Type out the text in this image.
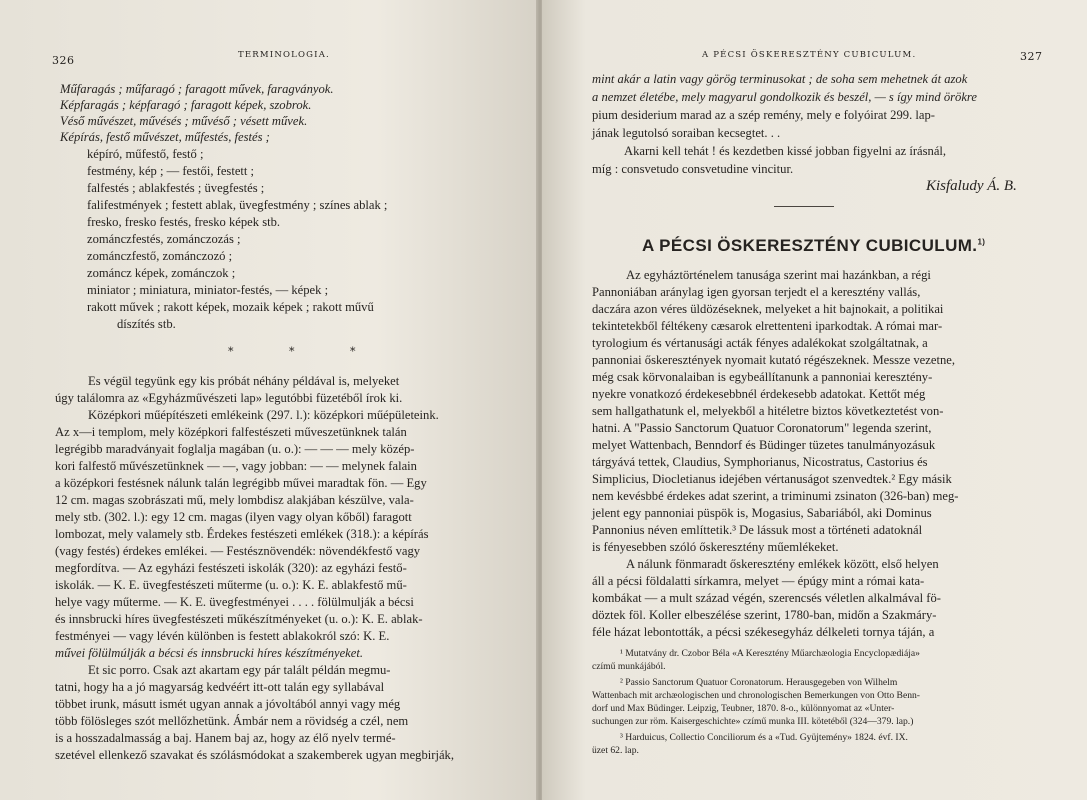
326	TERMINOLOGIA.
Műfaragás ; műfaragó ; faragott művek, faragványok.
Képfaragás ; képfaragó ; faragott képek, szobrok.
Véső művészet, művésés ; művéső ; vésett művek.
Képírás, festő művészet, műfestés, festés ;
képíró, műfestő, festő ;
festmény, kép ; — festői, festett ;
falfestés ; ablakfestés ; üvegfestés ;
falifestmények ; festett ablak, üvegfestmény ; színes ablak ;
fresko, fresko festés, fresko képek stb.
zománczfestés, zománczozás ;
zománczfestő, zománczozó ;
zománcz képek, zománczok ;
miniator ; miniatura, miniator-festés, — képek ;
rakott művek ; rakott képek, mozaik képek ; rakott művű
díszítés stb.
* * *
Es végül tegyünk egy kis próbát néhány példával is, melyeket
úgy találomra az «Egyházművészeti lap» legutóbbi füzetéből írok ki.
Középkori műépítészeti emlékeink (297. l.): középkori műépületeink.
Az x—i templom, mely középkori falfestészeti műveszetünknek talán
legrégibb maradványait foglalja magában (u. o.): — — — mely közép-
kori falfestő művészetünknek — —, vagy jobban: — — melynek falain
a középkori festésnek nálunk talán legrégibb művei maradtak fön. — Egy
12 cm. magas szobrászati mű, mely lombdisz alakjában készülve, vala-
mely stb. (302. l.): egy 12 cm. magas (ilyen vagy olyan kőből) faragott
lombozat, mely valamely stb. Érdekes festészeti emlékek (318.): a képírás
(vagy festés) érdekes emlékei. — Festésznövendék: növendékfestő vagy
megfordítva. — Az egyházi festészeti iskolák (320): az egyházi festő-
iskolák. — K. E. üvegfestészeti műterme (u. o.): K. E. ablakfestő mű-
helye vagy műterme. — K. E. üvegfestményei . . . . fölülmulják a bécsi
és innsbrucki híres üvegfestészeti műkészítményeket (u. o.): K. E. ablak-
festményei — vagy lévén különben is festett ablakokról szó: K. E.
művei fölülmúlják a bécsi és innsbrucki híres készítményeket.
Et sic porro. Csak azt akartam egy pár talált példán megmu-
tatni, hogy ha a jó magyarság kedvéért itt-ott talán egy syllabával
többet irunk, másutt ismét ugyan annak a jóvoltából annyi vagy még
több fölösleges szót mellőzhetünk. Ámbár nem a rövidség a czél, nem
is a hosszadalmasság a baj. Hanem baj az, hogy az élő nyelv termé-
szetével ellenkező szavakat és szólásmódokat a szakemberek ugyan megbirják,
A PÉCSI ÖSKERESZTÉNY CUBICULUM.	327
mint akár a latin vagy görög terminusokat ; de soha sem mehetnek át azok
a nemzet életébe, mely magyarul gondolkozik és beszél, — s így mind örökre
pium desiderium marad az a szép remény, mely e folyóirat 299. lap-
jának legutolsó soraiban kecsegtet. . .
Akarni kell tehát ! és kezdetben kissé jobban figyelni az írásnál,
míg : consvetudo consvetudine vincitur.
Kisfaludy Á. B.
A PÉCSI ÖSKERESZTÉNY CUBICULUM.$^{1)}$
Az egyháztörténelem tanusága szerint mai hazánkban, a régi
Pannoniában aránylag igen gyorsan terjedt el a keresztény vallás,
daczára azon véres üldözéseknek, melyeket a hit bajnokait, a politikai
tekintetekből féltékeny cæsarok elrettenteni iparkodtak. A római mar-
tyrologium és vértanusági acták fényes adalékokat szolgáltatnak, a
pannoniai őskeresztények nyomait kutató régészeknek. Messze vezetne,
még csak körvonalaiban is egybeállítanunk a pannoniai keresztény-
nyekre vonatkozó érdekesebbnél érdekesebb adatokat. Kettőt még
sem hallgathatunk el, melyekből a hitéletre biztos következtetést von-
hatni. A "Passio Sanctorum Quatuor Coronatorum" legenda szerint,
melyet Wattenbach, Benndorf és Büdinger tüzetes tanulmányozásuk
tárgyává tettek, Claudius, Symphorianus, Nicostratus, Castorius és
Simplicius, Diocletianus idejében vértanuságot szenvedtek.² Egy másik
nem kevésbbé érdekes adat szerint, a triminumi zsinaton (326-ban) meg-
jelent egy pannoniai püspök is, Mogasius, Sabariából, aki Dominus
Pannonius néven említtetik.³ De lássuk most a történeti adatoknál
is fényesebben szóló őskeresztény műemlékeket.
A nálunk fönmaradt őskeresztény emlékek között, első helyen
áll a pécsi földalatti sírkamra, melyet — épúgy mint a római kata-
kombákat — a mult század végén, szerencsés véletlen alkalmával fö-
döztek föl. Koller elbeszélése szerint, 1780-ban, midőn a Szakmáry-
féle házat lebontották, a pécsi székesegyház délkeleti tornya táján, a
¹ Mutatvány dr. Czobor Béla «A Keresztény Műarchæologia Encyclopædiája»
czímű munkájából.
² Passio Sanctorum Quatuor Coronatorum. Herausgegeben von Wilhelm
Wattenbach mit archæologischen und chronologischen Bemerkungen von Otto Benn-
dorf und Max Büdinger. Leipzig, Teubner, 1870. 8-o., különnyomat az «Unter-
suchungen zur röm. Kaisergeschichte» czímű munka III. kötetéből (324—379. lap.)
³ Harduicus, Collectio Conciliorum és a «Tud. Gyüjtemény» 1824. évf. IX.
üzet 62. lap.
